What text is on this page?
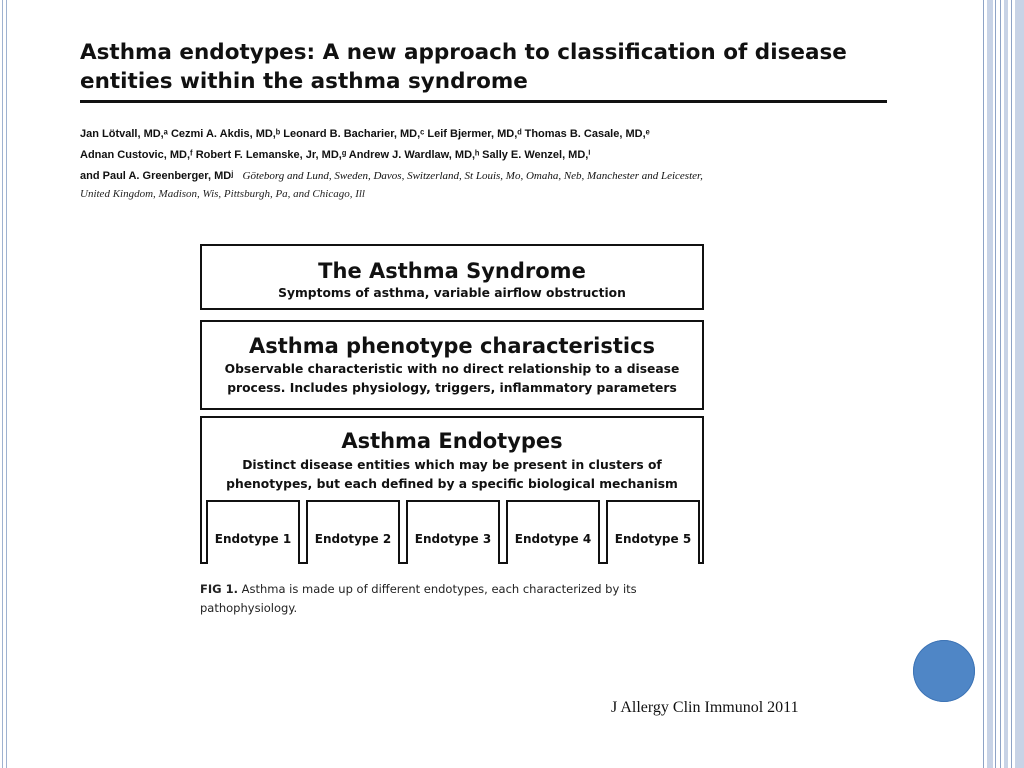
Asthma endotypes: A new approach to classification of disease entities within the asthma syndrome
Jan Lötvall, MD,ᵃ Cezmi A. Akdis, MD,ᵇ Leonard B. Bacharier, MD,ᶜ Leif Bjermer, MD,ᵈ Thomas B. Casale, MD,ᵉ
Adnan Custovic, MD,ᶠ Robert F. Lemanske, Jr, MD,ᵍ Andrew J. Wardlaw, MD,ʰ Sally E. Wenzel, MD,ⁱ
and Paul A. Greenberger, MDʲ Göteborg and Lund, Sweden, Davos, Switzerland, St Louis, Mo, Omaha, Neb, Manchester and Leicester,
United Kingdom, Madison, Wis, Pittsburgh, Pa, and Chicago, Ill
The Asthma Syndrome
Symptoms of asthma, variable airflow obstruction
Asthma phenotype characteristics
Observable characteristic with no direct relationship to a disease
process. Includes physiology, triggers, inflammatory parameters
Asthma Endotypes
Distinct disease entities which may be present in clusters of
phenotypes, but each defined by a specific biological mechanism
Endotype 1	Endotype 2	Endotype 3	Endotype 4	Endotype 5
FIG 1. Asthma is made up of different endotypes, each characterized by its pathophysiology.
J Allergy Clin Immunol 2011
